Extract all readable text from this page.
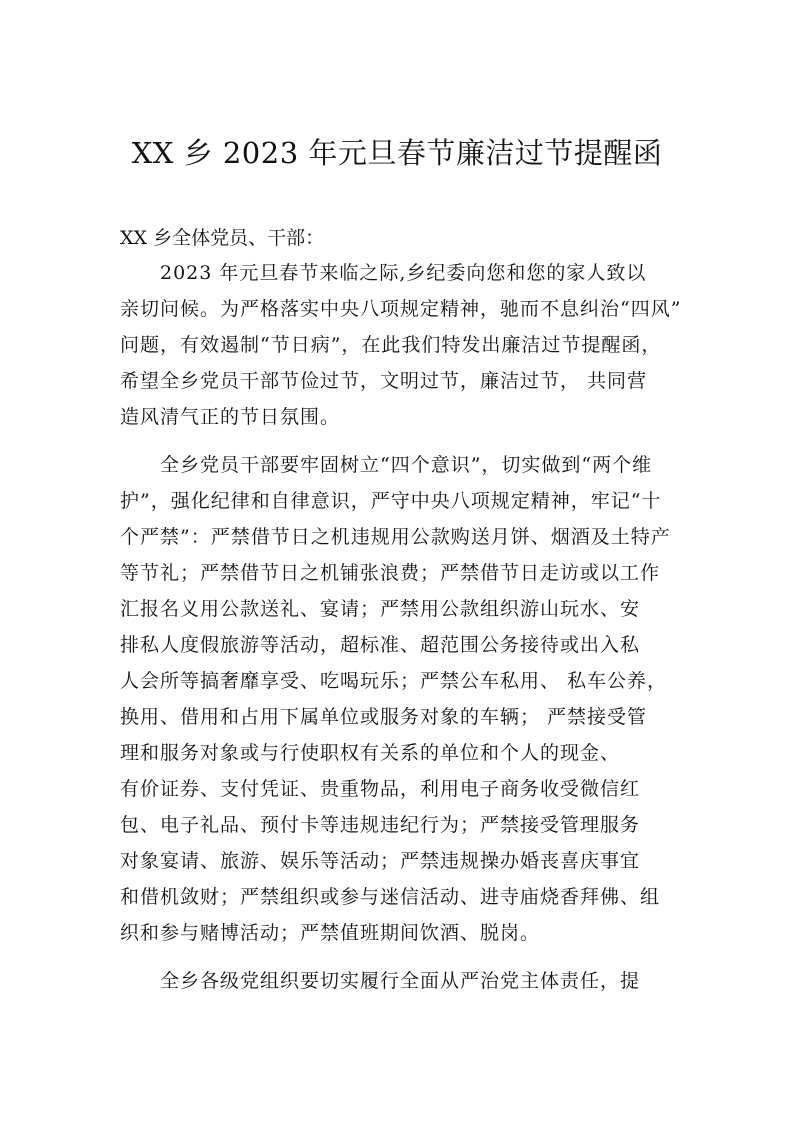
XX 乡 2023 年元旦春节廉洁过节提醒函
XX 乡全体党员、干部：
2023 年元旦春节来临之际,乡纪委向您和您的家人致以
亲切问候。为严格落实中央八项规定精神，驰而不息纠治“四风”
问题，有效遏制“节日病”，在此我们特发出廉洁过节提醒函，
希望全乡党员干部节俭过节，文明过节，廉洁过节， 共同营
造风清气正的节日氛围。
全乡党员干部要牢固树立“四个意识”，切实做到“两个维
护”，强化纪律和自律意识，严守中央八项规定精神，牢记“十
个严禁”：严禁借节日之机违规用公款购送月饼、烟酒及土特产
等节礼；严禁借节日之机铺张浪费；严禁借节日走访或以工作
汇报名义用公款送礼、宴请；严禁用公款组织游山玩水、安
排私人度假旅游等活动，超标准、超范围公务接待或出入私
人会所等搞奢靡享受、吃喝玩乐；严禁公车私用、 私车公养，
换用、借用和占用下属单位或服务对象的车辆； 严禁接受管
理和服务对象或与行使职权有关系的单位和个人的现金、
有价证券、支付凭证、贵重物品，利用电子商务收受微信红
包、电子礼品、预付卡等违规违纪行为；严禁接受管理服务
对象宴请、旅游、娱乐等活动；严禁违规操办婚丧喜庆事宜
和借机敛财；严禁组织或参与迷信活动、进寺庙烧香拜佛、组
织和参与赌博活动；严禁值班期间饮酒、脱岗。
全乡各级党组织要切实履行全面从严治党主体责任，提
